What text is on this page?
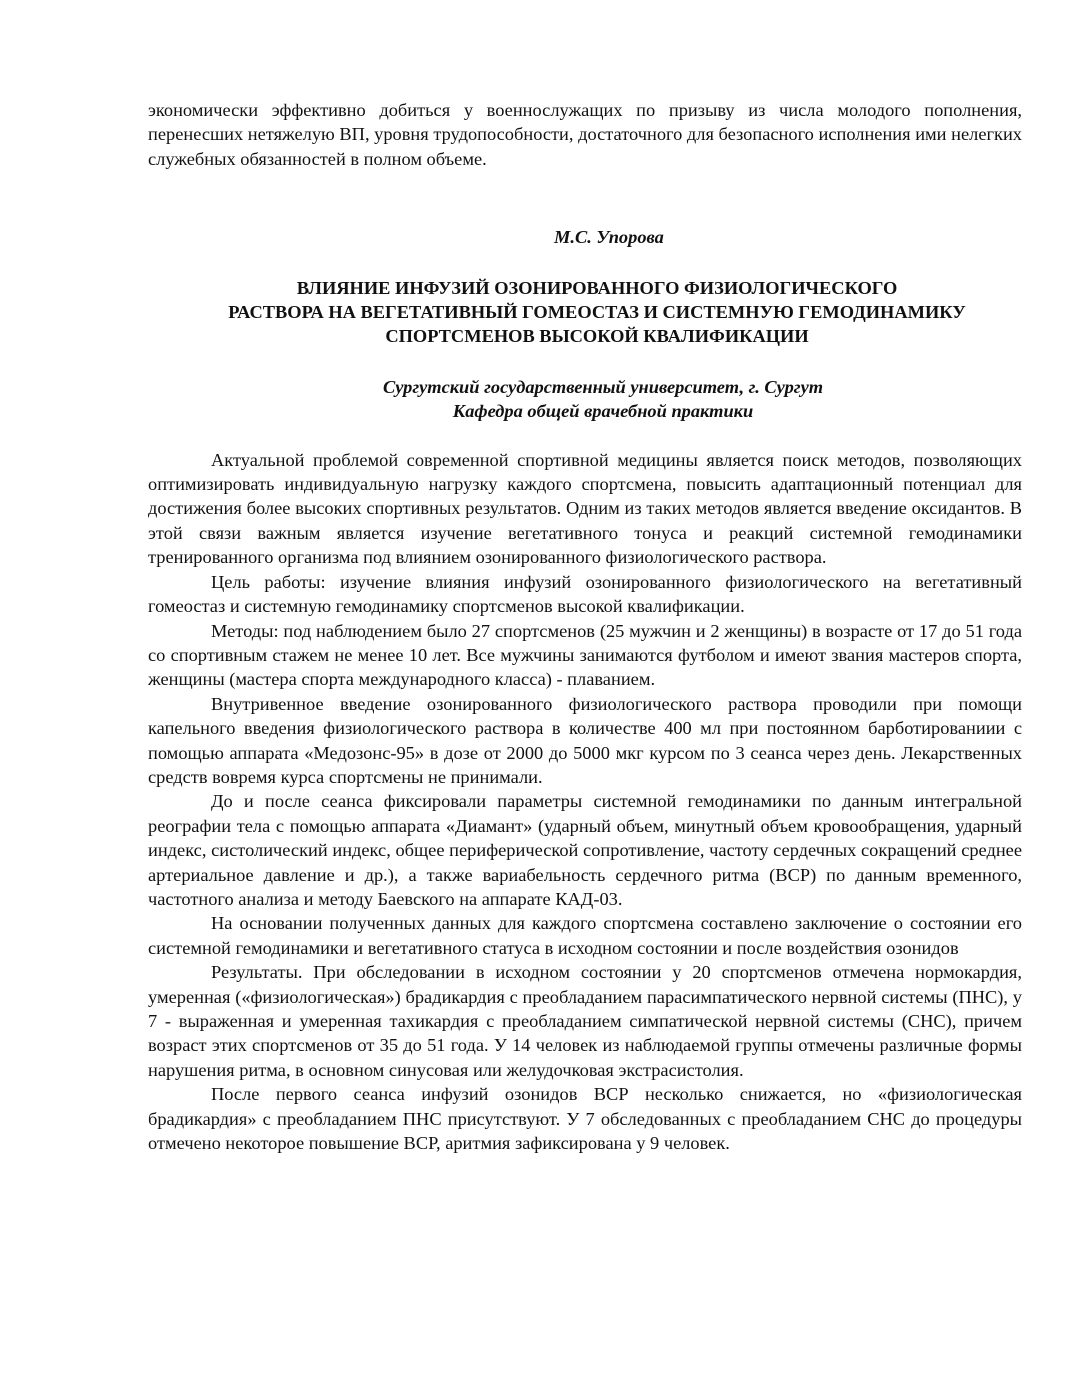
экономически эффективно добиться у военнослужащих по призыву из числа молодого пополнения, перенесших нетяжелую ВП, уровня трудопособности, достаточного для безопасного исполнения ими нелегких служебных обязанностей в полном объеме.

М.С. Упорова

ВЛИЯНИЕ ИНФУЗИЙ ОЗОНИРОВАННОГО ФИЗИОЛОГИЧЕСКОГО
РАСТВОРА НА ВЕГЕТАТИВНЫЙ ГОМЕОСТАЗ И СИСТЕМНУЮ ГЕМОДИНАМИКУ
СПОРТСМЕНОВ ВЫСОКОЙ КВАЛИФИКАЦИИ
Сургутский государственный университет, г. Сургут
Кафедра общей врачебной практики

Актуальной проблемой современной спортивной медицины является поиск методов, позволяющих оптимизировать индивидуальную нагрузку каждого спортсмена, повысить адаптационный потенциал для достижения более высоких спортивных результатов. Одним из таких методов является введение оксидантов. В этой связи важным является изучение вегетативного тонуса и реакций системной гемодинамики тренированного организма под влиянием озонированного физиологического раствора.

Цель работы: изучение влияния инфузий озонированного физиологического на вегетативный гомеостаз и системную гемодинамику спортсменов высокой квалификации.

Методы: под наблюдением было 27 спортсменов (25 мужчин и 2 женщины) в возрасте от 17 до 51 года со спортивным стажем не менее 10 лет. Все мужчины занимаются футболом и имеют звания мастеров спорта, женщины (мастера спорта международного класса) - плаванием.

Внутривенное введение озонированного физиологического раствора проводили при помощи капельного введения физиологического раствора в количестве 400 мл при постоянном барботированиии с помощью аппарата «Медозонс-95» в дозе от 2000 до 5000 мкг курсом по 3 сеанса через день. Лекарственных средств вовремя курса спортсмены не принимали.

До и после сеанса фиксировали параметры системной гемодинамики по данным интегральной реографии тела с помощью аппарата «Диамант» (ударный объем, минутный объем кровообращения, ударный индекс, систолический индекс, общее периферической сопротивление, частоту сердечных сокращений среднее артериальное давление и др.), а также вариабельность сердечного ритма (ВСР) по данным временного, частотного анализа и методу Баевского на аппарате КАД-03.

На основании полученных данных для каждого спортсмена составлено заключение о состоянии его системной гемодинамики и вегетативного статуса в исходном состоянии и после воздействия озонидов

Результаты. При обследовании в исходном состоянии у 20 спортсменов отмечена нормокардия, умеренная («физиологическая») брадикардия с преобладанием парасимпатического нервной системы (ПНС), у 7 - выраженная и умеренная тахикардия с преобладанием симпатической нервной системы (СНС), причем возраст этих спортсменов от 35 до 51 года. У 14 человек из наблюдаемой группы отмечены различные формы нарушения ритма, в основном синусовая или желудочковая экстрасистолия.

После первого сеанса инфузий озонидов ВСР несколько снижается, но «физиологическая брадикардия» с преобладанием ПНС присутствуют. У 7 обследованных с преобладанием СНС до процедуры отмечено некоторое повышение ВСР, аритмия зафиксирована у 9 человек.
